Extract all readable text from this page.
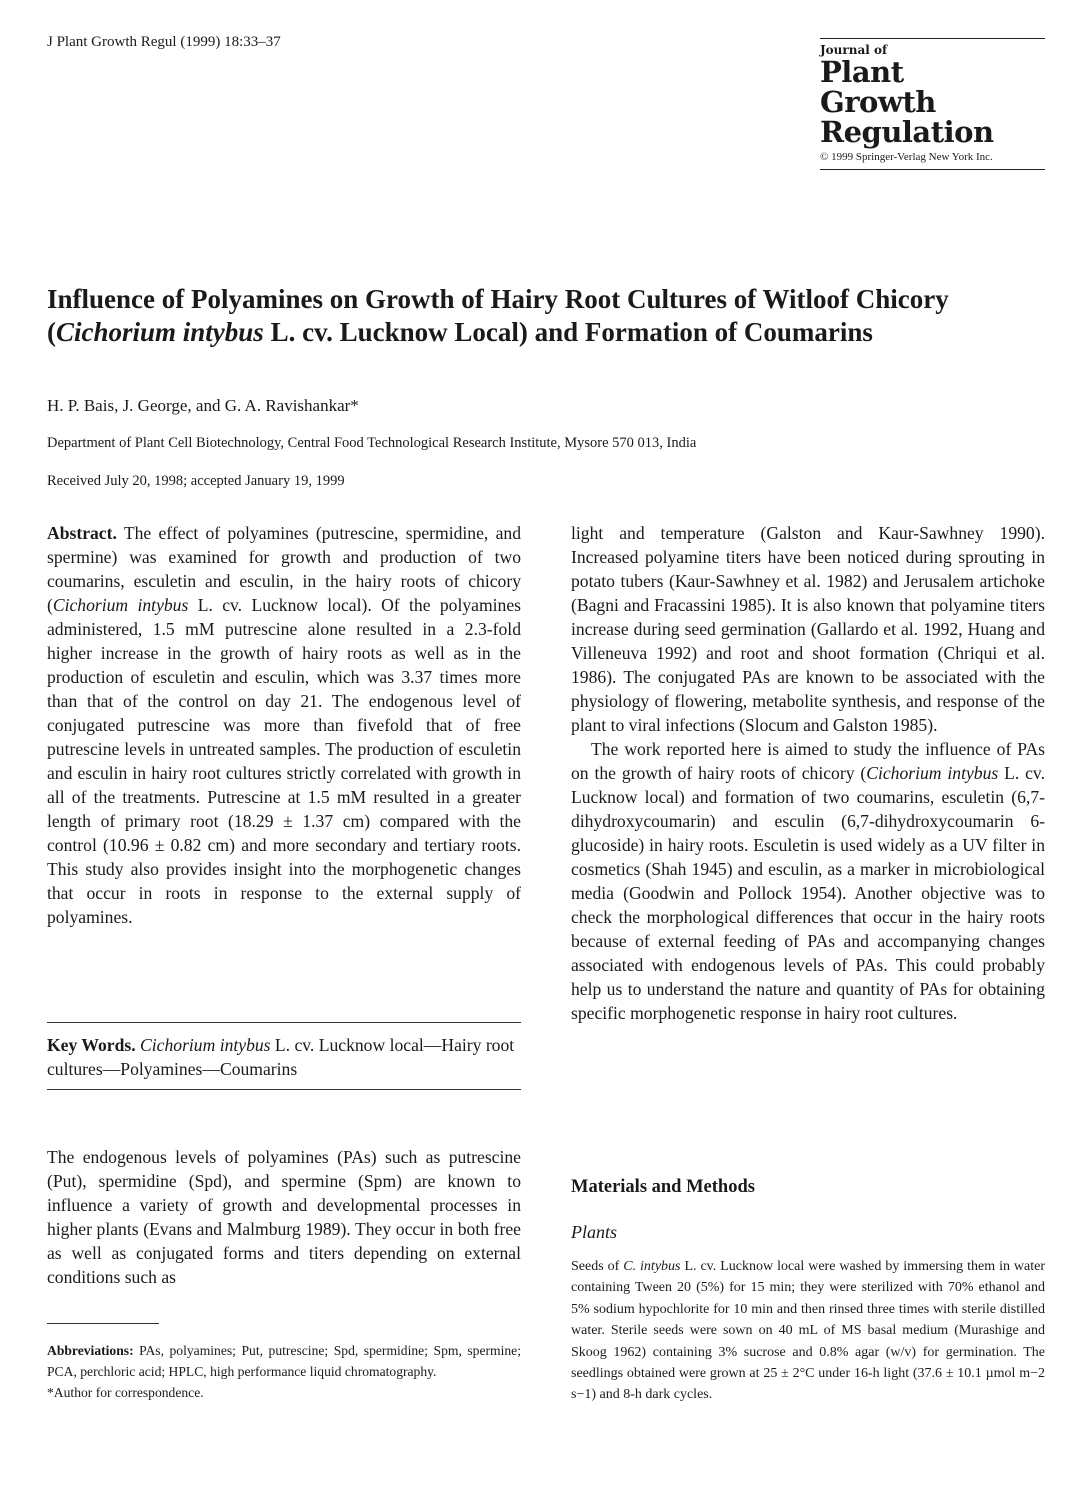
J Plant Growth Regul (1999) 18:33–37	Journal of
Plant
Growth
Regulation
© 1999 Springer-Verlag New York Inc.
Influence of Polyamines on Growth of Hairy Root Cultures of Witloof Chicory (Cichorium intybus L. cv. Lucknow Local) and Formation of Coumarins
H. P. Bais, J. George, and G. A. Ravishankar*
Department of Plant Cell Biotechnology, Central Food Technological Research Institute, Mysore 570 013, India
Received July 20, 1998; accepted January 19, 1999

Abstract. The effect of polyamines (putrescine, spermidine, and spermine) was examined for growth and production of two coumarins, esculetin and esculin, in the hairy roots of chicory (Cichorium intybus L. cv. Lucknow local). Of the polyamines administered, 1.5 mM putrescine alone resulted in a 2.3-fold higher increase in the growth of hairy roots as well as in the production of esculetin and esculin, which was 3.37 times more than that of the control on day 21. The endogenous level of conjugated putrescine was more than fivefold that of free putrescine levels in untreated samples. The production of esculetin and esculin in hairy root cultures strictly correlated with growth in all of the treatments. Putrescine at 1.5 mM resulted in a greater length of primary root (18.29 ± 1.37 cm) compared with the control (10.96 ± 0.82 cm) and more secondary and tertiary roots. This study also provides insight into the morphogenetic changes that occur in roots in response to the external supply of polyamines.

Key Words. Cichorium intybus L. cv. Lucknow local—Hairy root cultures—Polyamines—Coumarins

The endogenous levels of polyamines (PAs) such as putrescine (Put), spermidine (Spd), and spermine (Spm) are known to influence a variety of growth and developmental processes in higher plants (Evans and Malmburg 1989). They occur in both free as well as conjugated forms and titers depending on external conditions such as

Abbreviations: PAs, polyamines; Put, putrescine; Spd, spermidine; Spm, spermine; PCA, perchloric acid; HPLC, high performance liquid chromatography.

*Author for correspondence.

light and temperature (Galston and Kaur-Sawhney 1990). Increased polyamine titers have been noticed during sprouting in potato tubers (Kaur-Sawhney et al. 1982) and Jerusalem artichoke (Bagni and Fracassini 1985). It is also known that polyamine titers increase during seed germination (Gallardo et al. 1992, Huang and Villeneuva 1992) and root and shoot formation (Chriqui et al. 1986). The conjugated PAs are known to be associated with the physiology of flowering, metabolite synthesis, and response of the plant to viral infections (Slocum and Galston 1985).

The work reported here is aimed to study the influence of PAs on the growth of hairy roots of chicory (Cichorium intybus L. cv. Lucknow local) and formation of two coumarins, esculetin (6,7-dihydroxycoumarin) and esculin (6,7-dihydroxycoumarin 6-glucoside) in hairy roots. Esculetin is used widely as a UV filter in cosmetics (Shah 1945) and esculin, as a marker in microbiological media (Goodwin and Pollock 1954). Another objective was to check the morphological differences that occur in the hairy roots because of external feeding of PAs and accompanying changes associated with endogenous levels of PAs. This could probably help us to understand the nature and quantity of PAs for obtaining specific morphogenetic response in hairy root cultures.

Materials and Methods
Plants

Seeds of C. intybus L. cv. Lucknow local were washed by immersing them in water containing Tween 20 (5%) for 15 min; they were sterilized with 70% ethanol and 5% sodium hypochlorite for 10 min and then rinsed three times with sterile distilled water. Sterile seeds were sown on 40 mL of MS basal medium (Murashige and Skoog 1962) containing 3% sucrose and 0.8% agar (w/v) for germination. The seedlings obtained were grown at 25 ± 2°C under 16-h light (37.6 ± 10.1 µmol m−2 s−1) and 8-h dark cycles.
